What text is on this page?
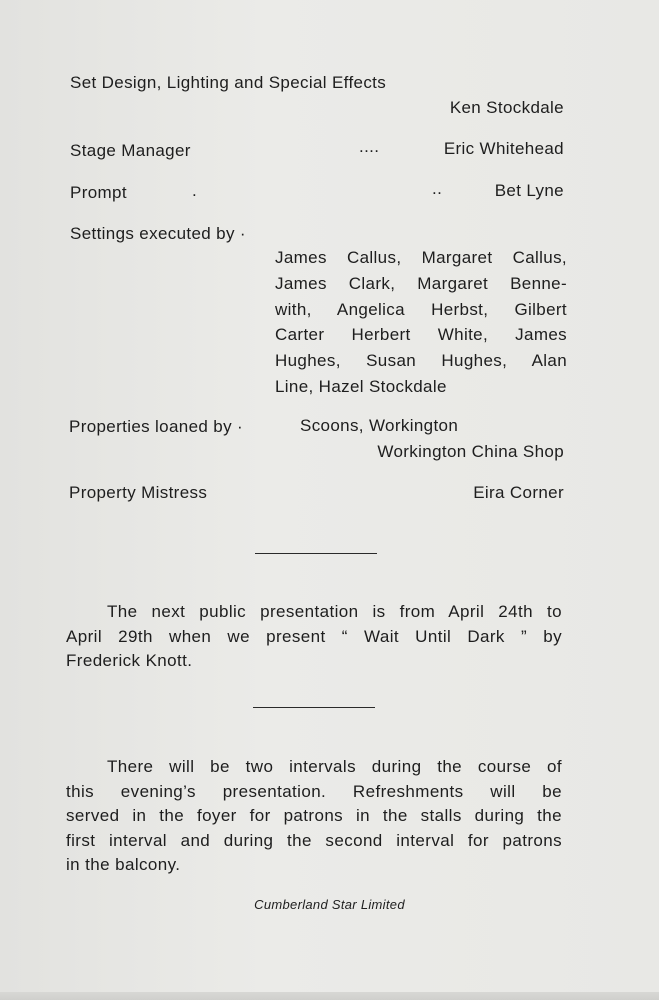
Set Design, Lighting and Special Effects
Ken Stockdale
Stage Manager	....	Eric Whitehead
Prompt	.	..	Bet Lyne
Settings executed by ·
James Callus, Margaret Callus,
James Clark, Margaret Benne-
with, Angelica Herbst, Gilbert
Carter Herbert White, James
Hughes, Susan Hughes, Alan
Line, Hazel Stockdale
Properties loaned by ·	Scoons, Workington
Workington China Shop
Property Mistress	Eira Corner
The next public presentation is from April 24th to
April 29th when we present “ Wait Until Dark ” by
Frederick Knott.
There will be two intervals during the course of
this evening’s presentation. Refreshments will be
served in the foyer for patrons in the stalls during the
first interval and during the second interval for patrons
in the balcony.
Cumberland Star Limited
